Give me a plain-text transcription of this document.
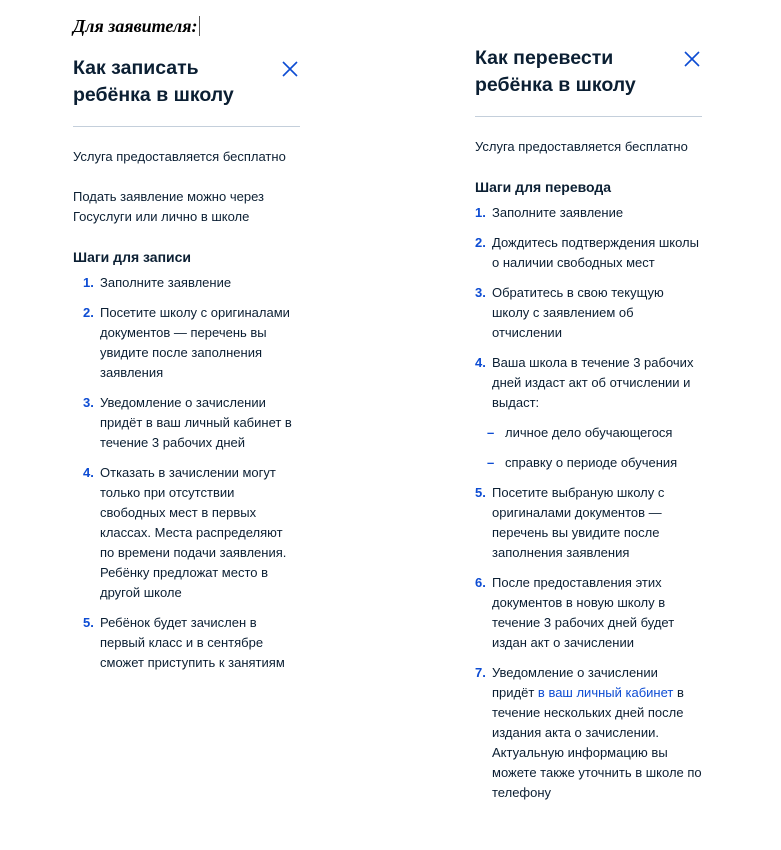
Для заявителя:
Как записать ребёнка в школу

Услуга предоставляется бесплатно

Подать заявление можно через Госуслуги или лично в школе

Шаги для записи
1. Заполните заявление
2. Посетите школу с оригиналами документов — перечень вы увидите после заполнения заявления
3. Уведомление о зачислении придёт в ваш личный кабинет в течение 3 рабочих дней
4. Отказать в зачислении могут только при отсутствии свободных мест в первых классах. Места распределяют по времени подачи заявления. Ребёнку предложат место в другой школе
5. Ребёнок будет зачислен в первый класс и в сентябре сможет приступить к занятиям
Как перевести ребёнка в школу

Услуга предоставляется бесплатно

Шаги для перевода
1. Заполните заявление
2. Дождитесь подтверждения школы о наличии свободных мест
3. Обратитесь в свою текущую школу с заявлением об отчислении
4. Ваша школа в течение 3 рабочих дней издаст акт об отчислении и выдаст:
– личное дело обучающегося
– справку о периоде обучения
5. Посетите выбраную школу с оригиналами документов — перечень вы увидите после заполнения заявления
6. После предоставления этих документов в новую школу в течение 3 рабочих дней будет издан акт о зачислении
7. Уведомление о зачислении придёт в ваш личный кабинет в течение нескольких дней после издания акта о зачислении. Актуальную информацию вы можете также уточнить в школе по телефону
